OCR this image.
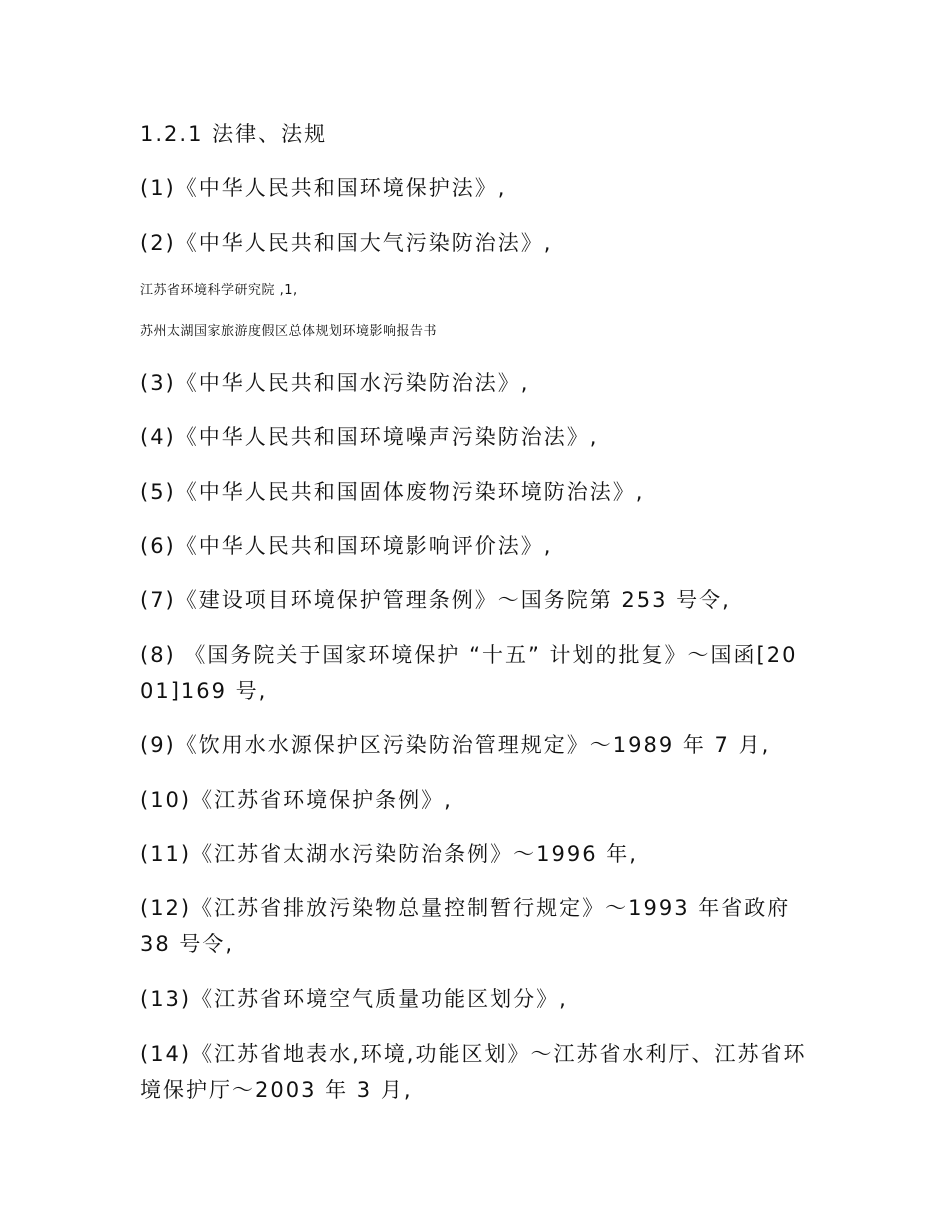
1.2.1 法律、法规
(1)《中华人民共和国环境保护法》,
(2)《中华人民共和国大气污染防治法》,
江苏省环境科学研究院 ,1,
苏州太湖国家旅游度假区总体规划环境影响报告书
(3)《中华人民共和国水污染防治法》,
(4)《中华人民共和国环境噪声污染防治法》,
(5)《中华人民共和国固体废物污染环境防治法》,
(6)《中华人民共和国环境影响评价法》,
(7)《建设项目环境保护管理条例》～国务院第 253 号令,
(8) 《国务院关于国家环境保护 “十五” 计划的批复》～国函[2001]169 号,
(9)《饮用水水源保护区污染防治管理规定》～1989 年 7 月,
(10)《江苏省环境保护条例》,
(11)《江苏省太湖水污染防治条例》～1996 年,
(12)《江苏省排放污染物总量控制暂行规定》～1993 年省政府 38 号令,
(13)《江苏省环境空气质量功能区划分》,
(14)《江苏省地表水,环境,功能区划》～江苏省水利厅、江苏省环境保护厅～2003 年 3 月,
